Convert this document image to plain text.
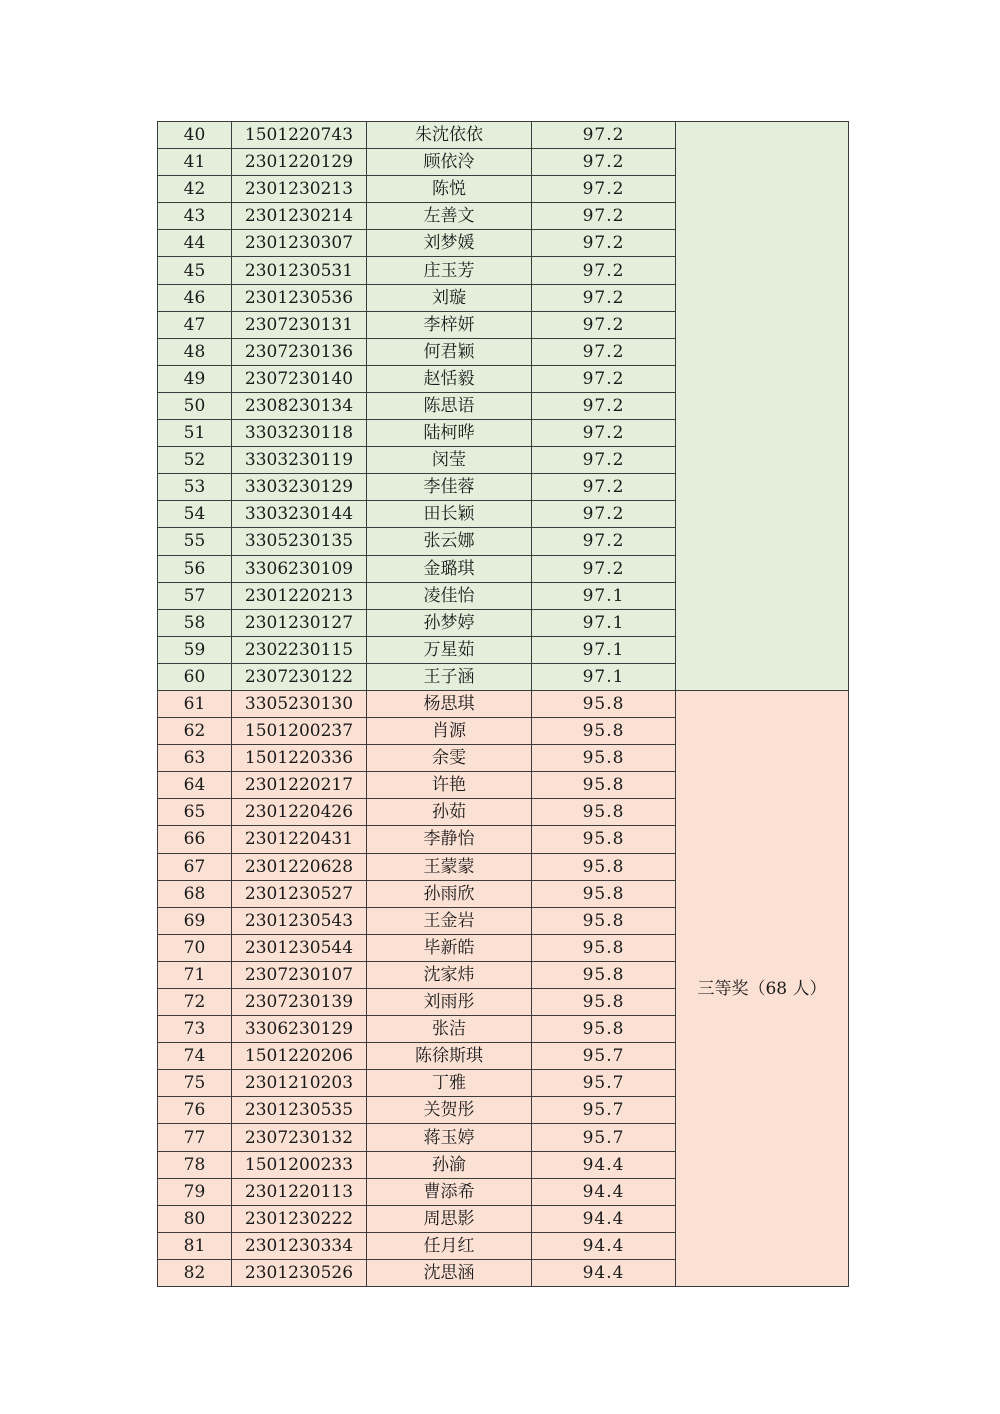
40	1501220743	朱沈依依	97.2	
41	2301220129	顾依泠	97.2	
42	2301230213	陈悦	97.2	
43	2301230214	左善文	97.2	
44	2301230307	刘梦媛	97.2	
45	2301230531	庄玉芳	97.2	
46	2301230536	刘璇	97.2	
47	2307230131	李梓妍	97.2	
48	2307230136	何君颖	97.2	
49	2307230140	赵恬毅	97.2	
50	2308230134	陈思语	97.2	
51	3303230118	陆柯晔	97.2	
52	3303230119	闵莹	97.2	
53	3303230129	李佳蓉	97.2	
54	3303230144	田长颖	97.2	
55	3305230135	张云娜	97.2	
56	3306230109	金璐琪	97.2	
57	2301220213	凌佳怡	97.1	
58	2301230127	孙梦婷	97.1	
59	2302230115	万星茹	97.1	
60	2307230122	王子涵	97.1	
61	3305230130	杨思琪	95.8	三等奖（68 人）
62	1501200237	肖源	95.8	
63	1501220336	余雯	95.8	
64	2301220217	许艳	95.8	
65	2301220426	孙茹	95.8	
66	2301220431	李静怡	95.8	
67	2301220628	王蒙蒙	95.8	
68	2301230527	孙雨欣	95.8	
69	2301230543	王金岩	95.8	
70	2301230544	毕新皓	95.8	
71	2307230107	沈家炜	95.8	
72	2307230139	刘雨彤	95.8	
73	3306230129	张洁	95.8	
74	1501220206	陈徐斯琪	95.7	
75	2301210203	丁雅	95.7	
76	2301230535	关贺彤	95.7	
77	2307230132	蒋玉婷	95.7	
78	1501200233	孙渝	94.4	
79	2301220113	曹添希	94.4	
80	2301230222	周思影	94.4	
81	2301230334	任月红	94.4	
82	2301230526	沈思涵	94.4	
